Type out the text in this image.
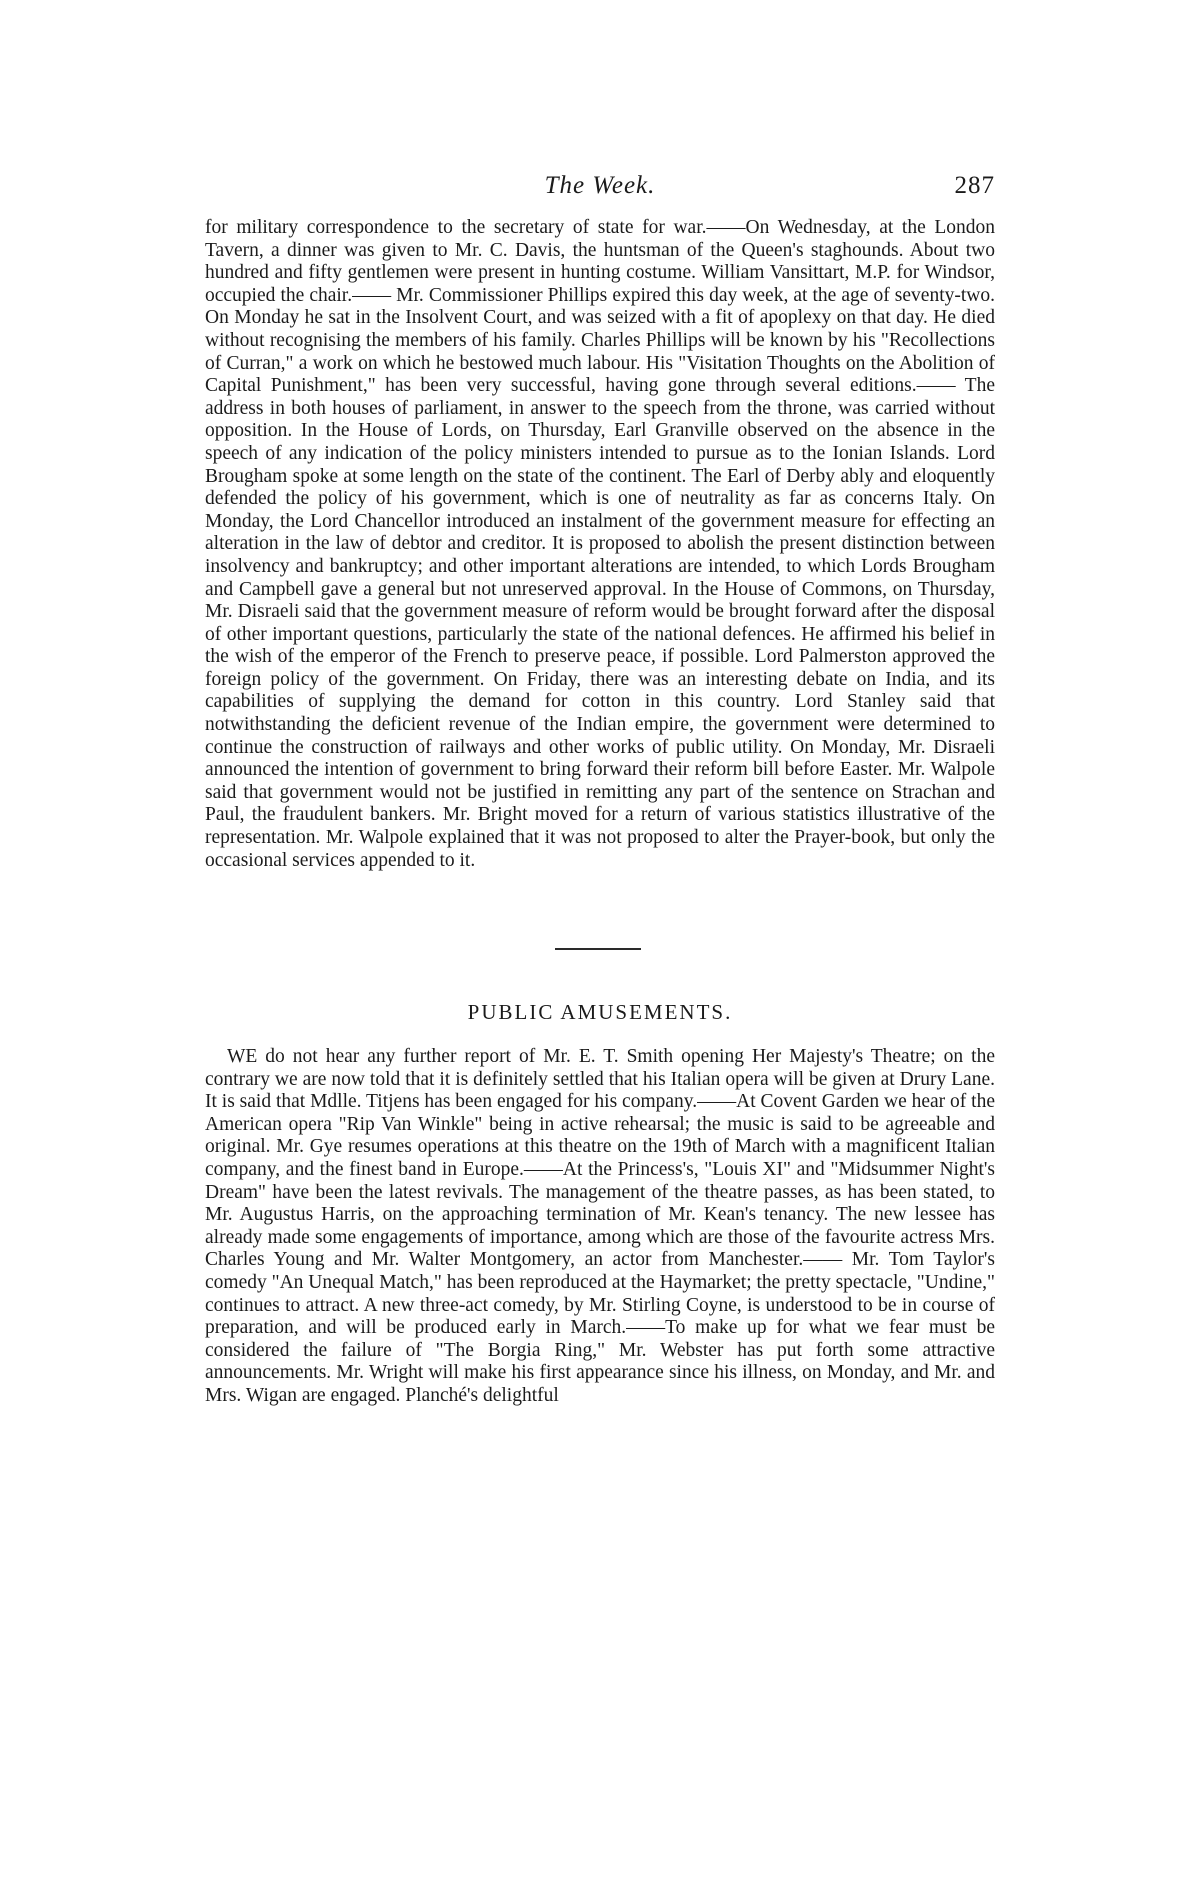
The Week.	287

for military correspondence to the secretary of state for war.——On Wednesday, at the London Tavern, a dinner was given to Mr. C. Davis, the huntsman of the Queen's staghounds. About two hundred and fifty gentlemen were present in hunting costume. William Vansittart, M.P. for Windsor, occupied the chair.—— Mr. Commissioner Phillips expired this day week, at the age of seventy-two. On Monday he sat in the Insolvent Court, and was seized with a fit of apoplexy on that day. He died without recognising the members of his family. Charles Phillips will be known by his "Recollections of Curran," a work on which he bestowed much labour. His "Visitation Thoughts on the Abolition of Capital Punishment," has been very successful, having gone through several editions.—— The address in both houses of parliament, in answer to the speech from the throne, was carried without opposition. In the House of Lords, on Thursday, Earl Granville observed on the absence in the speech of any indication of the policy ministers intended to pursue as to the Ionian Islands. Lord Brougham spoke at some length on the state of the continent. The Earl of Derby ably and eloquently defended the policy of his government, which is one of neutrality as far as concerns Italy. On Monday, the Lord Chancellor introduced an instalment of the government measure for effecting an alteration in the law of debtor and creditor. It is proposed to abolish the present distinction between insolvency and bankruptcy; and other important alterations are intended, to which Lords Brougham and Campbell gave a general but not unreserved approval. In the House of Commons, on Thursday, Mr. Disraeli said that the government measure of reform would be brought forward after the disposal of other important questions, particularly the state of the national defences. He affirmed his belief in the wish of the emperor of the French to preserve peace, if possible. Lord Palmerston approved the foreign policy of the government. On Friday, there was an interesting debate on India, and its capabilities of supplying the demand for cotton in this country. Lord Stanley said that notwithstanding the deficient revenue of the Indian empire, the government were determined to continue the construction of railways and other works of public utility. On Monday, Mr. Disraeli announced the intention of government to bring forward their reform bill before Easter. Mr. Walpole said that government would not be justified in remitting any part of the sentence on Strachan and Paul, the fraudulent bankers. Mr. Bright moved for a return of various statistics illustrative of the representation. Mr. Walpole explained that it was not proposed to alter the Prayer-book, but only the occasional services appended to it.

PUBLIC AMUSEMENTS.

WE do not hear any further report of Mr. E. T. Smith opening Her Majesty's Theatre; on the contrary we are now told that it is definitely settled that his Italian opera will be given at Drury Lane. It is said that Mdlle. Titjens has been engaged for his company.——At Covent Garden we hear of the American opera "Rip Van Winkle" being in active rehearsal; the music is said to be agreeable and original. Mr. Gye resumes operations at this theatre on the 19th of March with a magnificent Italian company, and the finest band in Europe.——At the Princess's, "Louis XI" and "Midsummer Night's Dream" have been the latest revivals. The management of the theatre passes, as has been stated, to Mr. Augustus Harris, on the approaching termination of Mr. Kean's tenancy. The new lessee has already made some engagements of importance, among which are those of the favourite actress Mrs. Charles Young and Mr. Walter Montgomery, an actor from Manchester.—— Mr. Tom Taylor's comedy "An Unequal Match," has been reproduced at the Haymarket; the pretty spectacle, "Undine," continues to attract. A new three-act comedy, by Mr. Stirling Coyne, is understood to be in course of preparation, and will be produced early in March.——To make up for what we fear must be considered the failure of "The Borgia Ring," Mr. Webster has put forth some attractive announcements. Mr. Wright will make his first appearance since his illness, on Monday, and Mr. and Mrs. Wigan are engaged. Planché's delightful
